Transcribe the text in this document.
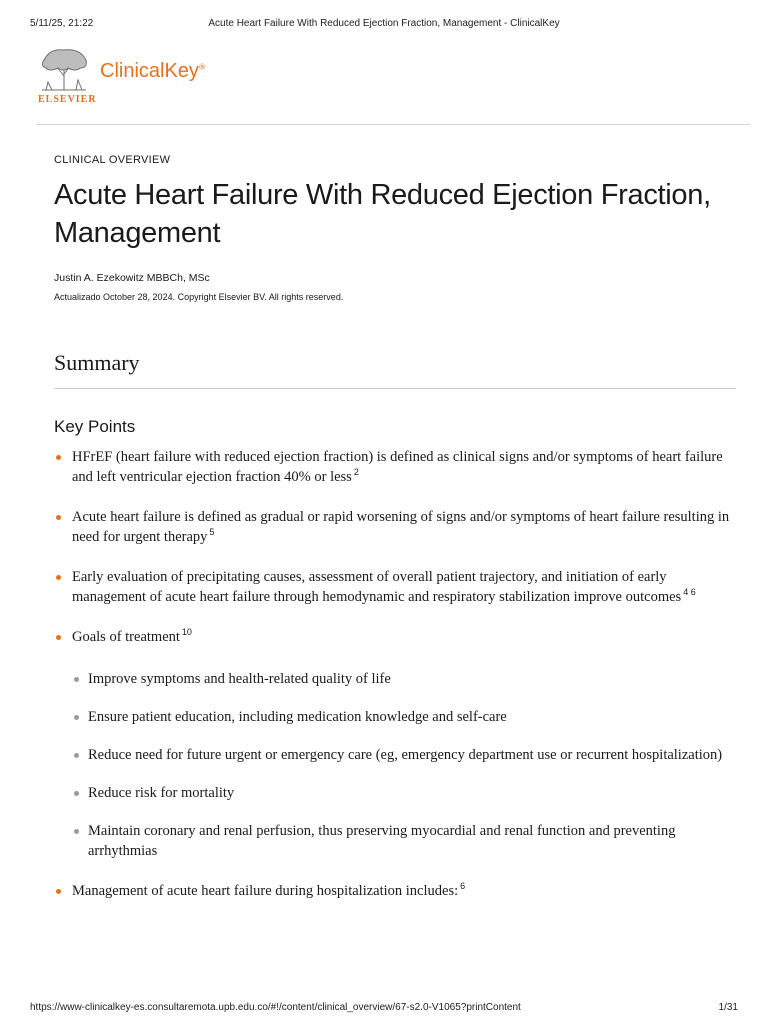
5/11/25, 21:22	Acute Heart Failure With Reduced Ejection Fraction, Management - ClinicalKey
ELSEVIER
ClinicalKey®

CLINICAL OVERVIEW

Acute Heart Failure With Reduced Ejection Fraction, Management

Justin A. Ezekowitz MBBCh, MSc

Actualizado October 28, 2024. Copyright Elsevier BV. All rights reserved.

Summary
Key Points
HFrEF (heart failure with reduced ejection fraction) is defined as clinical signs and/or symptoms of heart failure and left ventricular ejection fraction 40% or less $^2$
Acute heart failure is defined as gradual or rapid worsening of signs and/or symptoms of heart failure resulting in need for urgent therapy $^5$
Early evaluation of precipitating causes, assessment of overall patient trajectory, and initiation of early management of acute heart failure through hemodynamic and respiratory stabilization improve outcomes $^{4 6}$
Goals of treatment $^{10}$
Improve symptoms and health-related quality of life
Ensure patient education, including medication knowledge and self-care
Reduce need for future urgent or emergency care (eg, emergency department use or recurrent hospitalization)
Reduce risk for mortality
Maintain coronary and renal perfusion, thus preserving myocardial and renal function and preventing arrhythmias
Management of acute heart failure during hospitalization includes: $^6$
https://www-clinicalkey-es.consultaremota.upb.edu.co/#!/content/clinical_overview/67-s2.0-V1065?printContent	1/31
